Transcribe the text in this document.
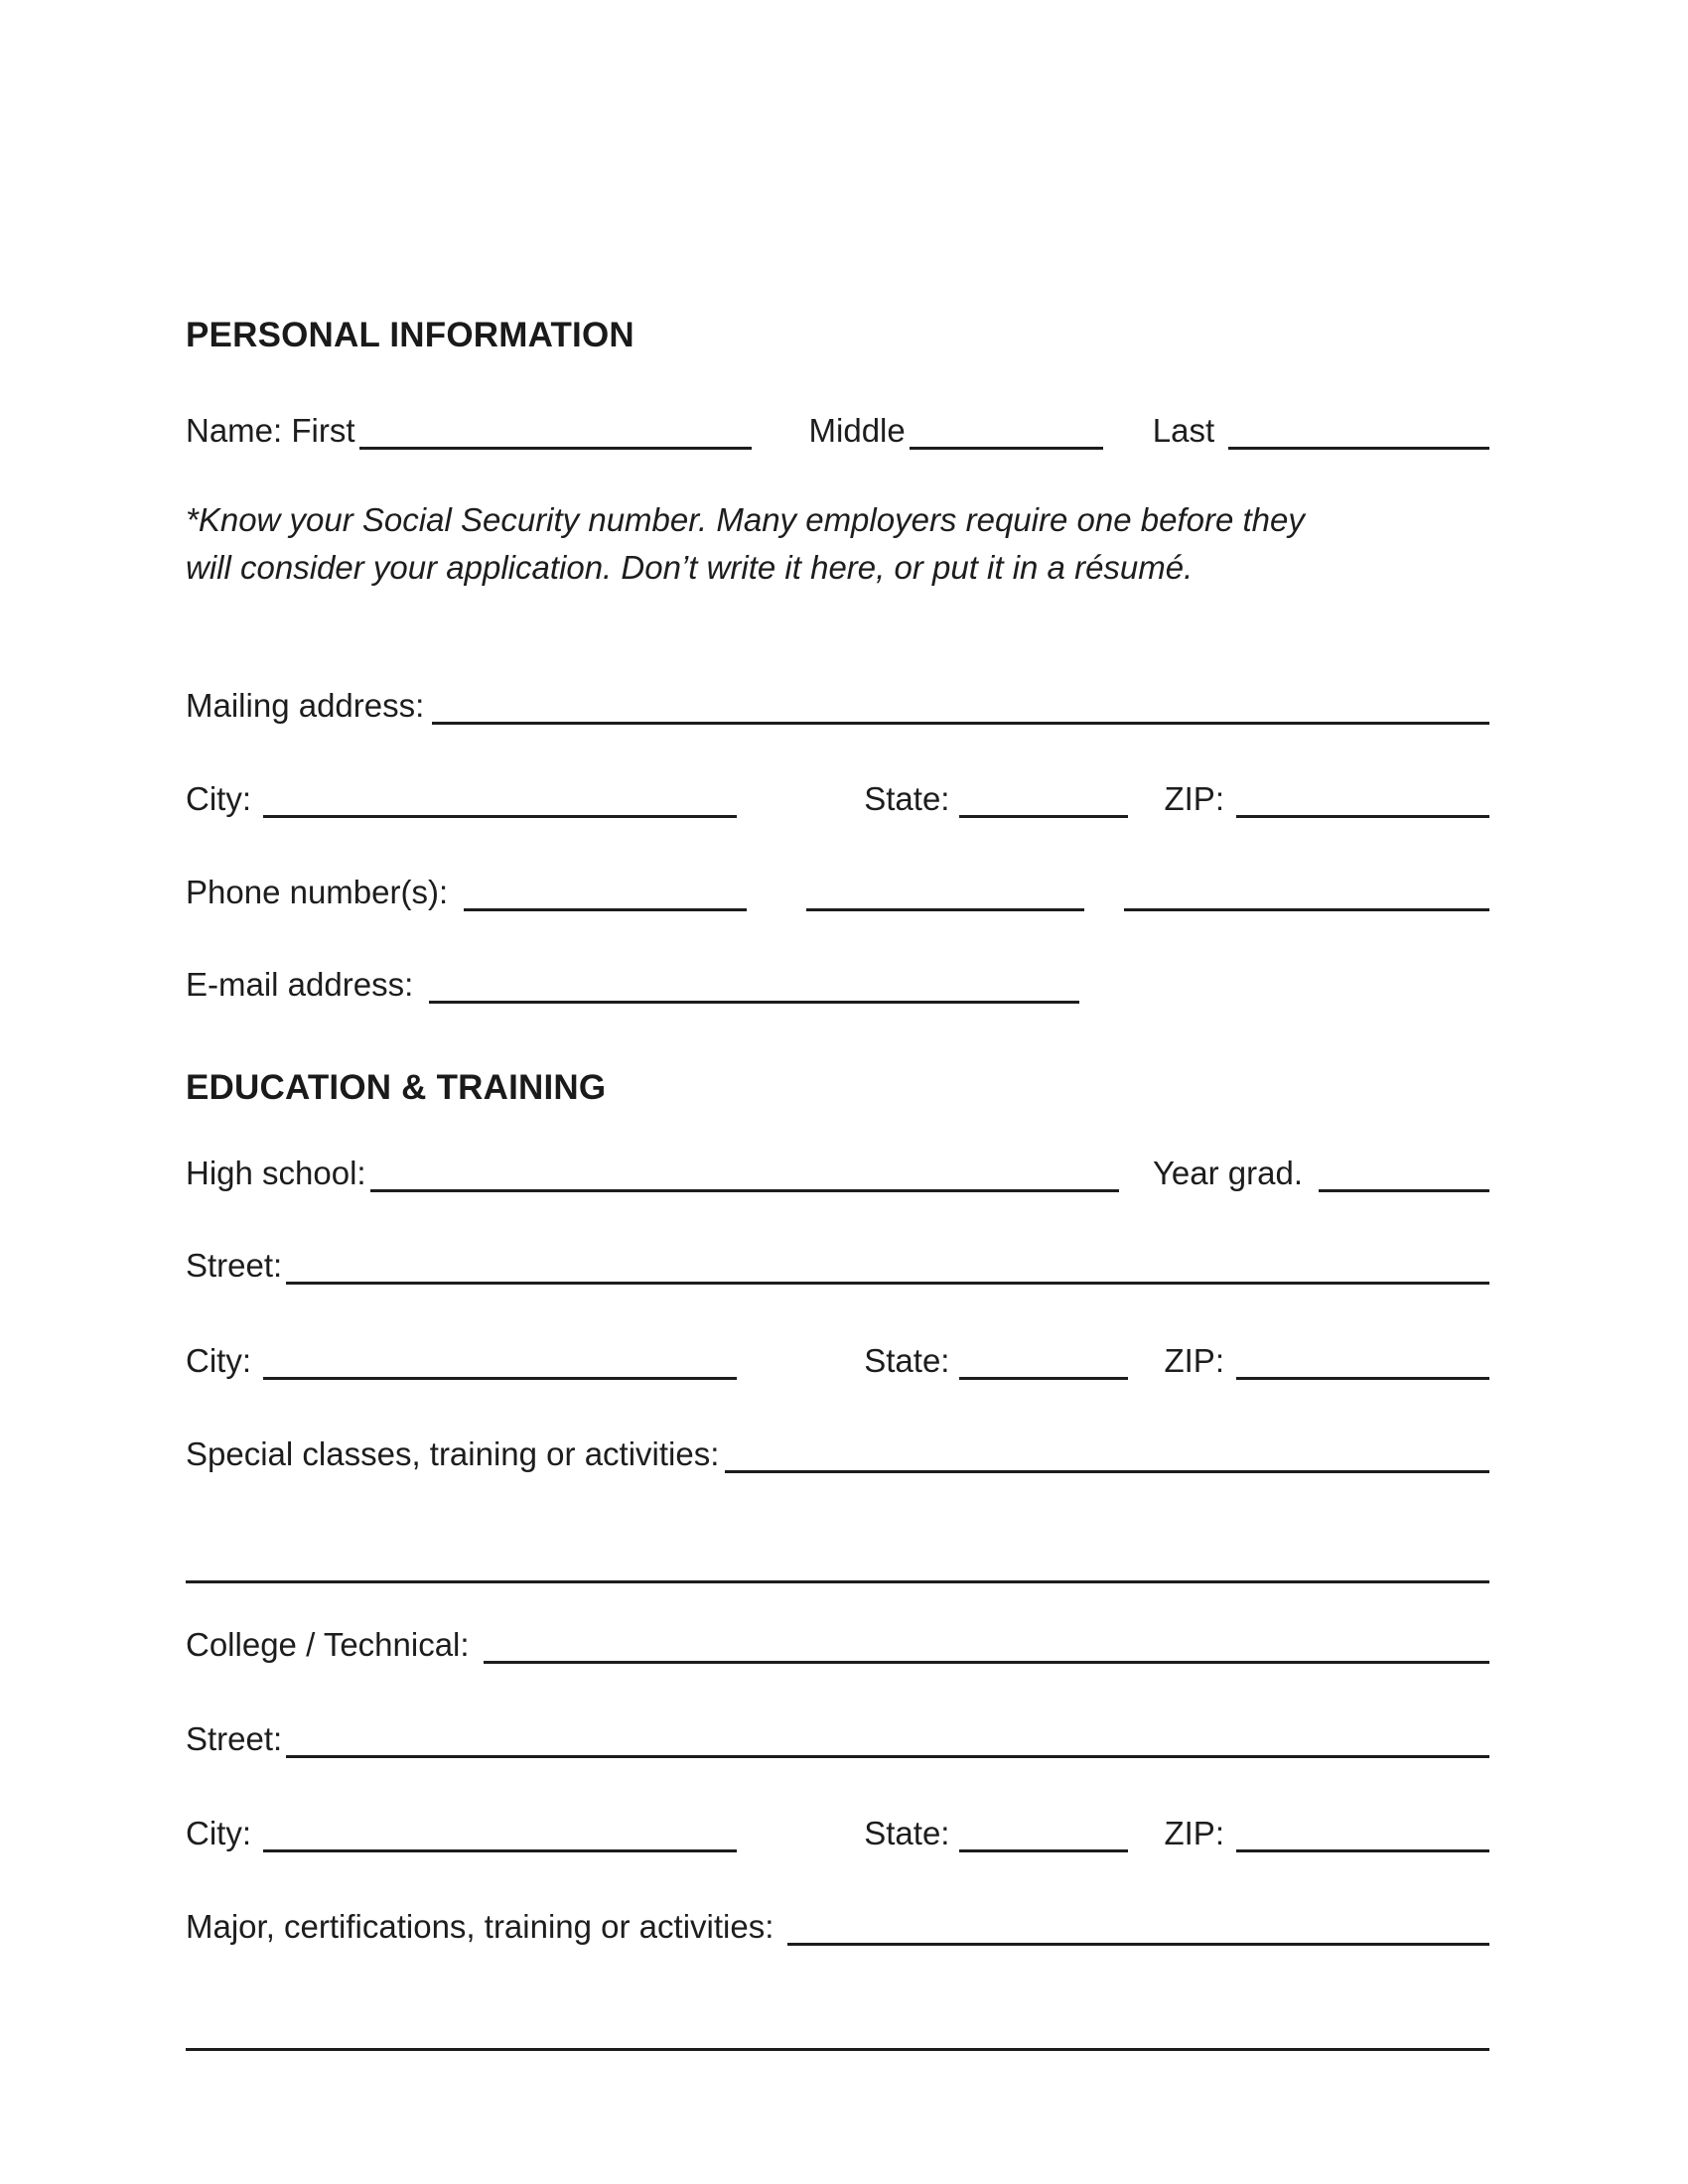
PERSONAL INFORMATION
Name: First	Middle	Last
*Know your Social Security number. Many employers require one before they
will consider your application. Don’t write it here, or put it in a résumé.
Mailing address:
City:	State:	ZIP:
Phone number(s):
E-mail address:
EDUCATION & TRAINING
High school:	Year grad.
Street:
City:	State:	ZIP:
Special classes, training or activities:
College / Technical:
Street:
City:	State:	ZIP:
Major, certifications, training or activities:
